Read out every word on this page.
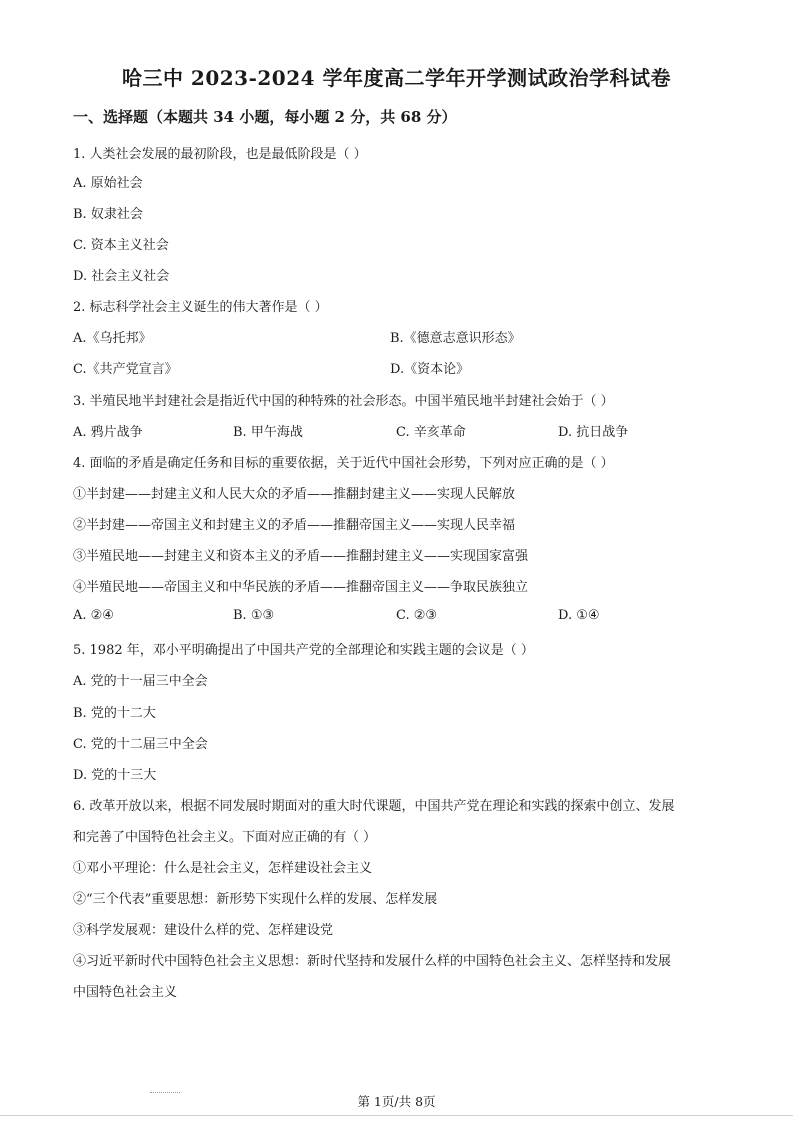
哈三中 2023-2024 学年度高二学年开学测试政治学科试卷
一、选择题（本题共 34 小题，每小题 2 分，共 68 分）
1. 人类社会发展的最初阶段，也是最低阶段是（ ）
A. 原始社会
B. 奴隶社会
C. 资本主义社会
D. 社会主义社会
2. 标志科学社会主义诞生的伟大著作是（ ）
A.《乌托邦》	B.《德意志意识形态》
C.《共产党宣言》	D.《资本论》
3. 半殖民地半封建社会是指近代中国的种特殊的社会形态。中国半殖民地半封建社会始于（ ）
A. 鸦片战争	B. 甲午海战	C. 辛亥革命	D. 抗日战争
4. 面临的矛盾是确定任务和目标的重要依据，关于近代中国社会形势，下列对应正确的是（ ）
①半封建——封建主义和人民大众的矛盾——推翻封建主义——实现人民解放
②半封建——帝国主义和封建主义的矛盾——推翻帝国主义——实现人民幸福
③半殖民地——封建主义和资本主义的矛盾——推翻封建主义——实现国家富强
④半殖民地——帝国主义和中华民族的矛盾——推翻帝国主义——争取民族独立
A. ②④	B. ①③	C. ②③	D. ①④
5. 1982 年，邓小平明确提出了中国共产党的全部理论和实践主题的会议是（ ）
A. 党的十一届三中全会
B. 党的十二大
C. 党的十二届三中全会
D. 党的十三大
6. 改革开放以来，根据不同发展时期面对的重大时代课题，中国共产党在理论和实践的探索中创立、发展
和完善了中国特色社会主义。下面对应正确的有（ ）
①邓小平理论：什么是社会主义，怎样建设社会主义
②“三个代表”重要思想：新形势下实现什么样的发展、怎样发展
③科学发展观：建设什么样的党、怎样建设党
④习近平新时代中国特色社会主义思想：新时代坚持和发展什么样的中国特色社会主义、怎样坚持和发展
中国特色社会主义
第 1页/共 8页
